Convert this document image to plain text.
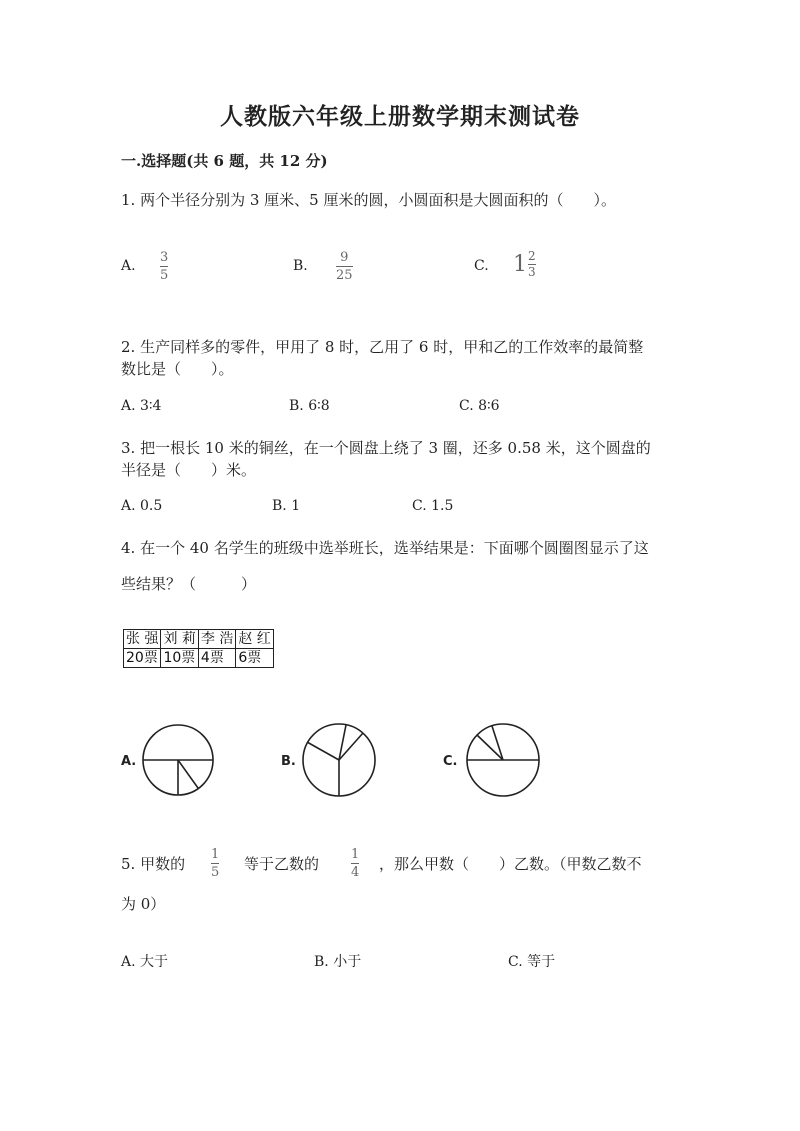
人教版六年级上册数学期末测试卷
一.选择题(共 6 题，共 12 分)
1. 两个半径分别为 3 厘米、5 厘米的圆，小圆面积是大圆面积的（　　）。
A.
3
5
B.
9
25
C. $1 \frac{2}{3}$
2. 生产同样多的零件，甲用了 8 时，乙用了 6 时，甲和乙的工作效率的最简整
数比是（　　）。
A. 3∶4	B. 6∶8	C. 8∶6
3. 把一根长 10 米的铜丝，在一个圆盘上绕了 3 圈，还多 0.58 米，这个圆盘的
半径是（　　）米。
A. 0.5	B. 1	C. 1.5
4. 在一个 40 名学生的班级中选举班长，选举结果是：下面哪个圆圈图显示了这
些结果？（　　　）
张 强	刘 莉	李 浩	赵 红
20票	10票	4票	6票
A.	B.	C.
5. 甲数的
1
5 等于乙数的
1
4 ，那么甲数（　　）乙数。（甲数乙数不
为 0）
A. 大于	B. 小于	C. 等于
